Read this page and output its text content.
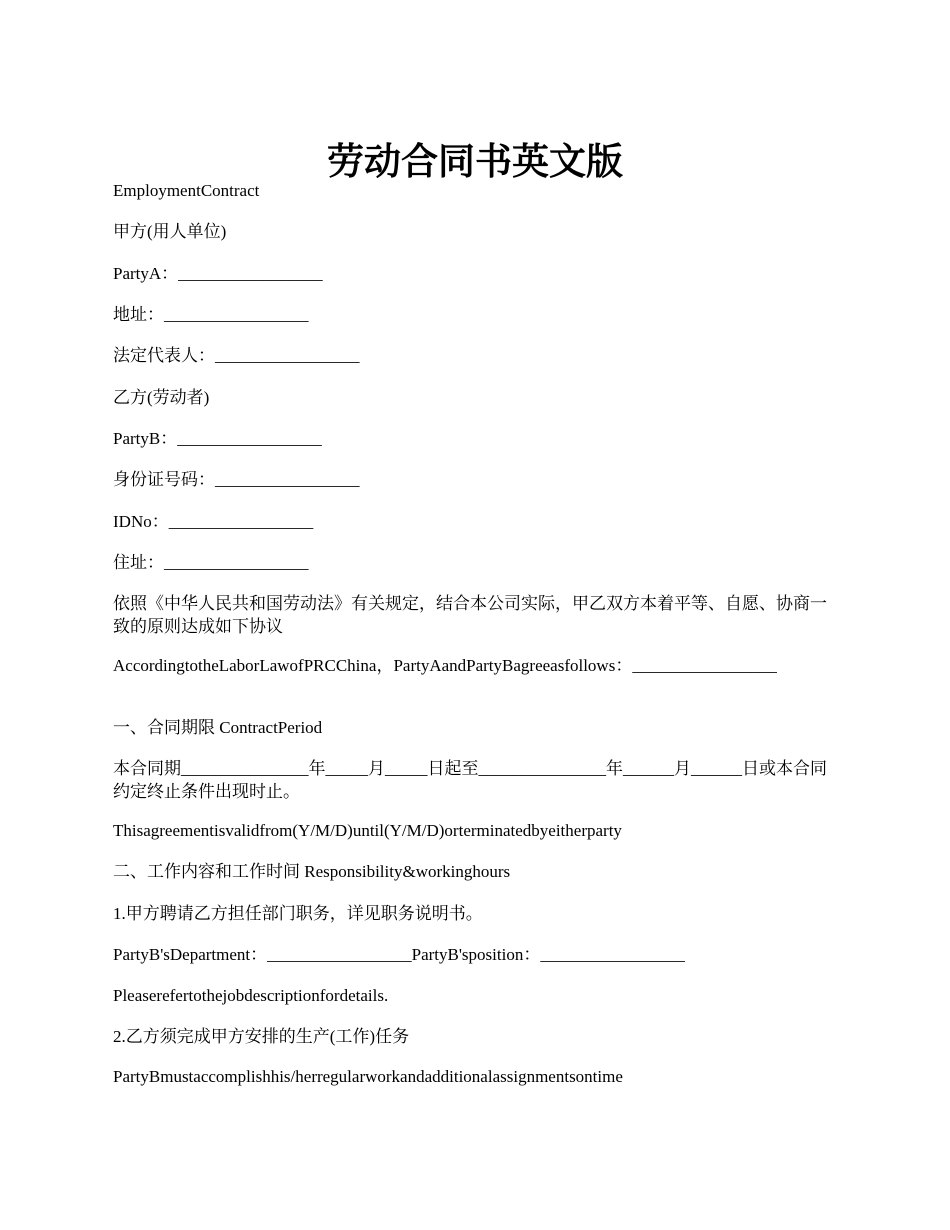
劳动合同书英文版

EmploymentContract

甲方(用人单位)

PartyA：_________________

地址：_________________

法定代表人：_________________

乙方(劳动者)

PartyB：_________________

身份证号码：_________________

IDNo：_________________

住址：_________________

依照《中华人民共和国劳动法》有关规定，结合本公司实际，甲乙双方本着平等、自愿、协商一致的原则达成如下协议

AccordingtotheLaborLawofPRCChina，PartyAandPartyBagreeasfollows：_________________

一、合同期限 ContractPeriod

本合同期_______________年_____月_____日起至_______________年______月______日或本合同约定终止条件出现时止。

Thisagreementisvalidfrom(Y/M/D)until(Y/M/D)orterminatedbyeitherparty

二、工作内容和工作时间 Responsibility&workinghours

1.甲方聘请乙方担任部门职务，详见职务说明书。

PartyB'sDepartment：_________________PartyB'sposition：_________________

Pleaserefertothejobdescriptionfordetails.

2.乙方须完成甲方安排的生产(工作)任务

PartyBmustaccomplishhis/herregularworkandadditionalassignmentsontime
